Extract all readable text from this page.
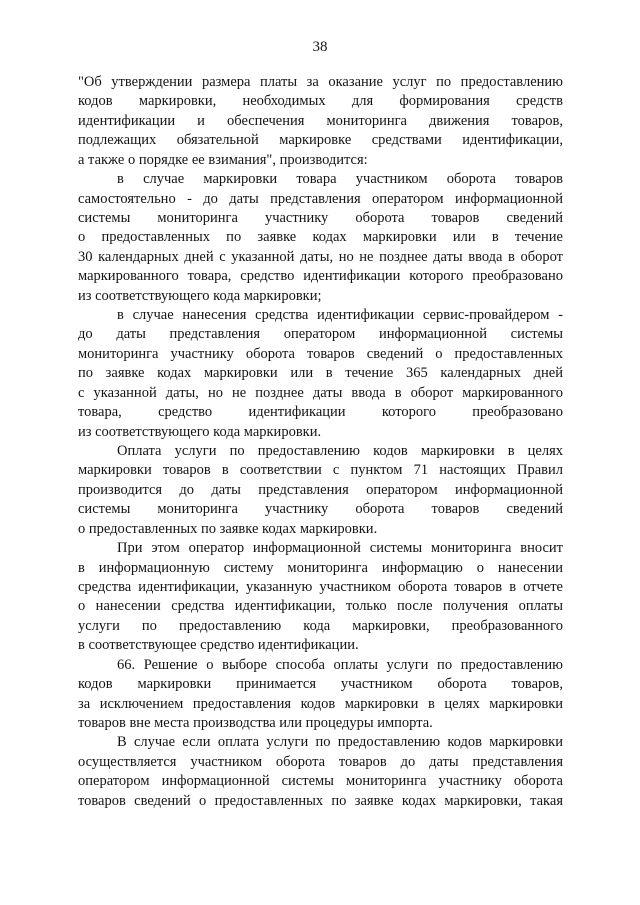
38
"Об утверждении размера платы за оказание услуг по предоставлению
кодов маркировки, необходимых для формирования средств
идентификации и обеспечения мониторинга движения товаров,
подлежащих обязательной маркировке средствами идентификации,
а также о порядке ее взимания", производится:
в случае маркировки товара участником оборота товаров
самостоятельно - до даты представления оператором информационной
системы мониторинга участнику оборота товаров сведений
о предоставленных по заявке кодах маркировки или в течение
30 календарных дней с указанной даты, но не позднее даты ввода в оборот
маркированного товара, средство идентификации которого преобразовано
из соответствующего кода маркировки;
в случае нанесения средства идентификации сервис-провайдером -
до даты представления оператором информационной системы
мониторинга участнику оборота товаров сведений о предоставленных
по заявке кодах маркировки или в течение 365 календарных дней
с указанной даты, но не позднее даты ввода в оборот маркированного
товара, средство идентификации которого преобразовано
из соответствующего кода маркировки.
Оплата услуги по предоставлению кодов маркировки в целях
маркировки товаров в соответствии с пунктом 71 настоящих Правил
производится до даты представления оператором информационной
системы мониторинга участнику оборота товаров сведений
о предоставленных по заявке кодах маркировки.
При этом оператор информационной системы мониторинга вносит
в информационную систему мониторинга информацию о нанесении
средства идентификации, указанную участником оборота товаров в отчете
о нанесении средства идентификации, только после получения оплаты
услуги по предоставлению кода маркировки, преобразованного
в соответствующее средство идентификации.
66. Решение о выборе способа оплаты услуги по предоставлению
кодов маркировки принимается участником оборота товаров,
за исключением предоставления кодов маркировки в целях маркировки
товаров вне места производства или процедуры импорта.
В случае если оплата услуги по предоставлению кодов маркировки
осуществляется участником оборота товаров до даты представления
оператором информационной системы мониторинга участнику оборота
товаров сведений о предоставленных по заявке кодах маркировки, такая
